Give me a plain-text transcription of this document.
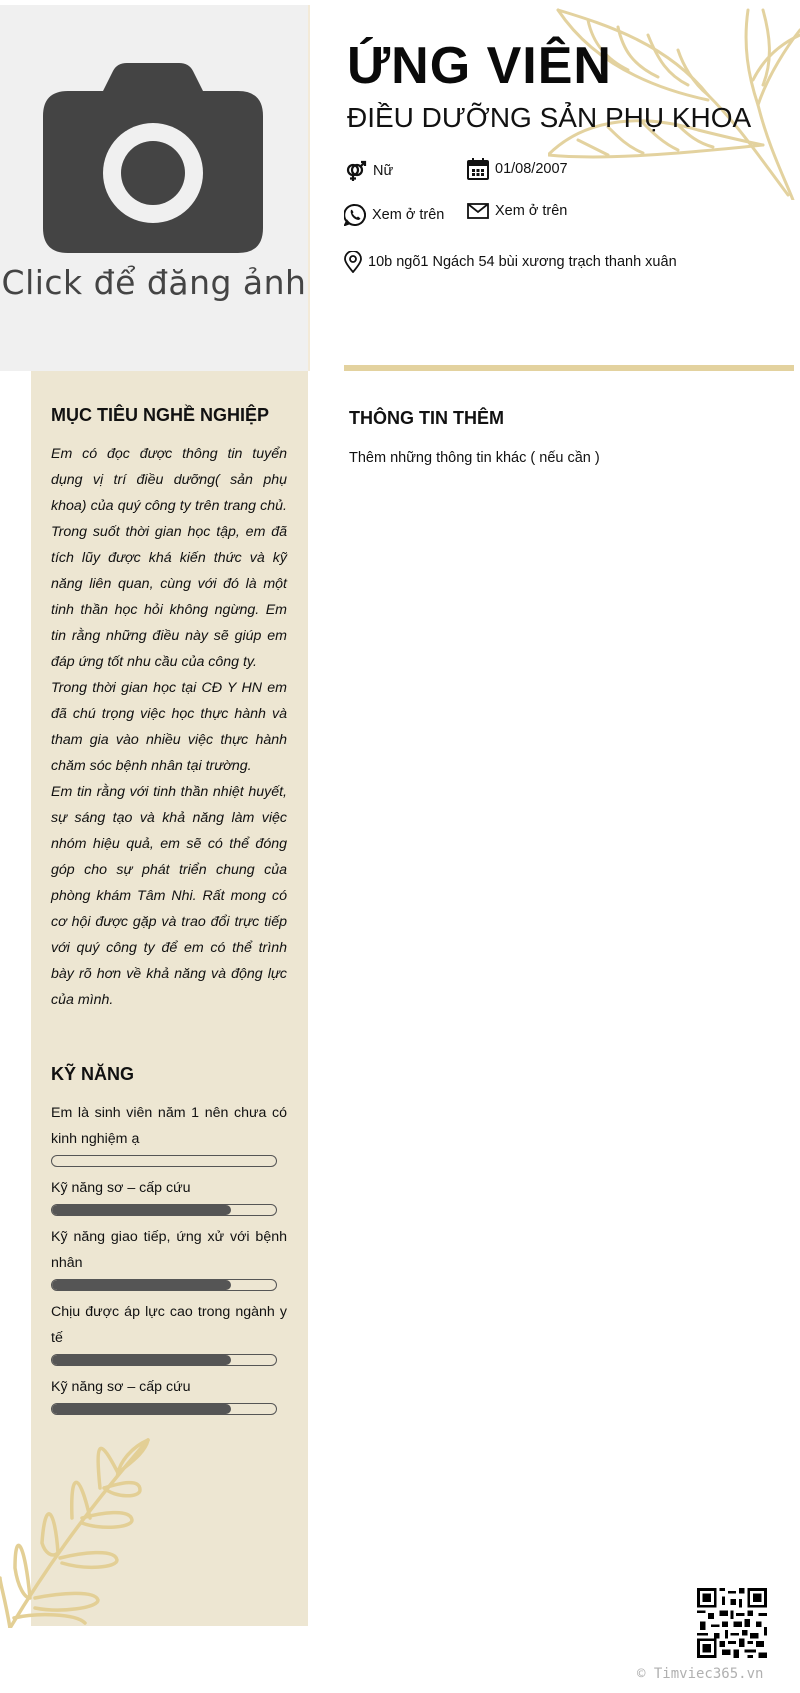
Click để đăng ảnh
MỤC TIÊU NGHỀ NGHIỆP

Em có đọc được thông tin tuyển dụng vị trí điều dưỡng( sản phụ khoa) của quý công ty trên trang chủ. Trong suốt thời gian học tập, em đã tích lũy được khá kiến thức và kỹ năng liên quan, cùng với đó là một tinh thần học hỏi không ngừng. Em tin rằng những điều này sẽ giúp em đáp ứng tốt nhu cầu của công ty.

Trong thời gian học tại CĐ Y HN em đã chú trọng việc học thực hành và tham gia vào nhiều việc thực hành chăm sóc bệnh nhân tại trường.

Em tin rằng với tinh thần nhiệt huyết, sự sáng tạo và khả năng làm việc nhóm hiệu quả, em sẽ có thể đóng góp cho sự phát triển chung của phòng khám Tâm Nhi. Rất mong có cơ hội được gặp và trao đổi trực tiếp với quý công ty để em có thể trình bày rõ hơn về khả năng và động lực của mình.

KỸ NĂNG
Em là sinh viên năm 1 nên chưa có kinh nghiệm ạ
Kỹ năng sơ – cấp cứu
Kỹ năng giao tiếp, ứng xử với bệnh nhân
Chịu được áp lực cao trong ngành y tế
Kỹ năng sơ – cấp cứu
ỨNG VIÊN
ĐIỀU DƯỠNG SẢN PHỤ KHOA
Nữ	01/08/2007
Xem ở trên	Xem ở trên
10b ngõ1 Ngách 54 bùi xương trạch thanh xuân
THÔNG TIN THÊM
Thêm những thông tin khác ( nếu cần )
© Timviec365.vn
